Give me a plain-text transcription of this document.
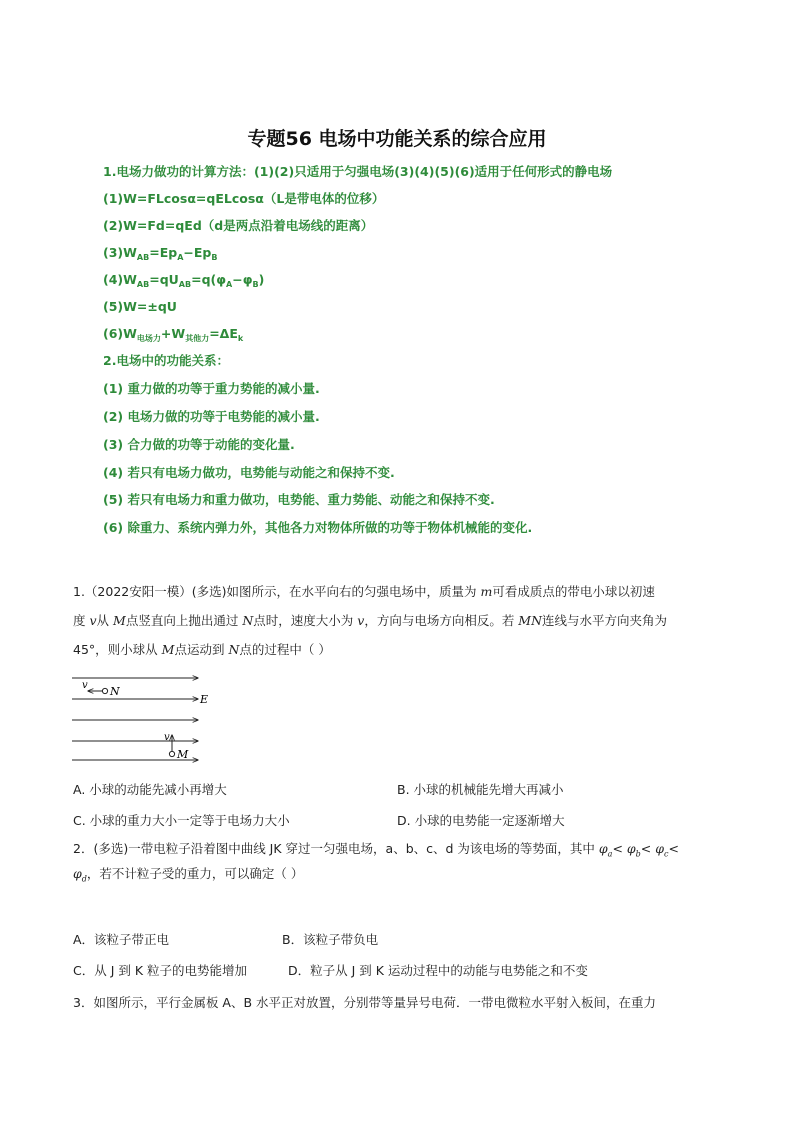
专题56 电场中功能关系的综合应用
1.电场力做功的计算方法：(1)(2)只适用于匀强电场(3)(4)(5)(6)适用于任何形式的静电场
(1)W=FLcosα=qELcosα（L是带电体的位移）
(2)W=Fd=qEd（d是两点沿着电场线的距离）
$(3)W_{AB}=Ep_A-Ep_B$
$(4)W_{AB}=qU_{AB}=q(\varphi_A-\varphi_B)$
(5)W=±qU
$(6)W_{电场力}+W_{其他力}=\Delta E_k$
2.电场中的功能关系：
(1) 重力做的功等于重力势能的减小量.
(2) 电场力做的功等于电势能的减小量.
(3) 合力做的功等于动能的变化量.
(4) 若只有电场力做功，电势能与动能之和保持不变.
(5) 若只有电场力和重力做功，电势能、重力势能、动能之和保持不变.
(6) 除重力、系统内弹力外，其他各力对物体所做的功等于物体机械能的变化.
1.（2022安阳一模）(多选)如图所示，在水平向右的匀强电场中，质量为 m可看成质点的带电小球以初速
度 v从 M点竖直向上抛出通过 N点时，速度大小为 v，方向与电场方向相反。若 MN连线与水平方向夹角为
45°，则小球从 M点运动到 N点的过程中（ ）
v N
E
v
M
A. 小球的动能先减小再增大	B. 小球的机械能先增大再减小
C. 小球的重力大小一定等于电场力大小	D. 小球的电势能一定逐渐增大
2．(多选)一带电粒子沿着图中曲线 JK 穿过一匀强电场，a、b、c、d 为该电场的等势面，其中 $\varphi_a< \varphi_b< \varphi_c<$
$\varphi_d$，若不计粒子受的重力，可以确定（ ）
A．该粒子带正电	B．该粒子带负电
C．从 J 到 K 粒子的电势能增加	D．粒子从 J 到 K 运动过程中的动能与电势能之和不变
3．如图所示，平行金属板 A、B 水平正对放置，分别带等量异号电荷．一带电微粒水平射入板间，在重力
